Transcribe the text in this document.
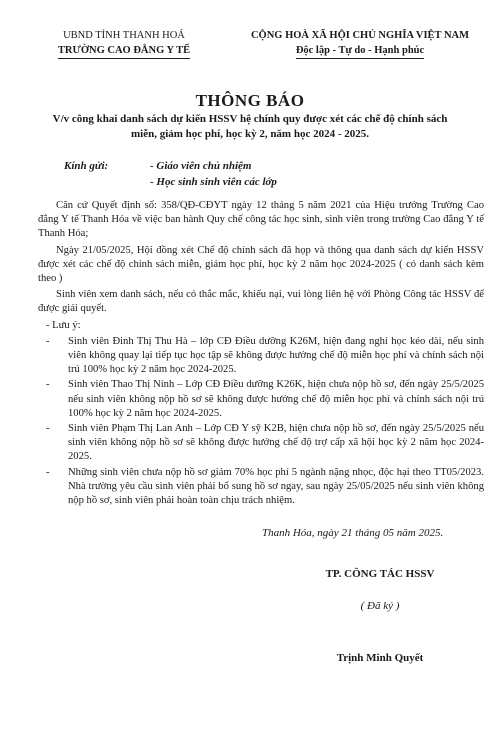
UBND TỈNH THANH HOÁ
TRƯỜNG CAO ĐẲNG Y TẾ
CỘNG HOÀ XÃ HỘI CHỦ NGHĨA VIỆT NAM
Độc lập - Tự do - Hạnh phúc
THÔNG BÁO
V/v công khai danh sách dự kiến HSSV hệ chính quy được xét các chế độ chính sách miễn, giảm học phí, học kỳ 2, năm học 2024 - 2025.
Kính gửi:	- Giáo viên chủ nhiệm
- Học sinh sinh viên các lớp

Căn cứ Quyết định số: 358/QĐ-CĐYT ngày 12 tháng 5 năm 2021 của Hiệu trưởng Trường Cao đẳng Y tế Thanh Hóa về việc ban hành Quy chế công tác học sinh, sinh viên trong trường Cao đẳng Y tế Thanh Hóa;

Ngày 21/05/2025, Hội đồng xét Chế độ chính sách đã họp và thông qua danh sách dự kiến HSSV được xét các chế độ chính sách miễn, giảm học phí, học kỳ 2 năm học 2024-2025 ( có danh sách kèm theo )

Sinh viên xem danh sách, nếu có thắc mắc, khiếu nại, vui lòng liên hệ với Phòng Công tác HSSV để được giải quyết.

- Lưu ý:

- Sinh viên Đinh Thị Thu Hà – lớp CĐ Điều dưỡng K26M, hiện đang nghỉ học kéo dài, nếu sinh viên không quay lại tiếp tục học tập sẽ không được hưởng chế độ miễn học phí và chính sách nội trú 100% học kỳ 2 năm học 2024-2025.
- Sinh viên Thao Thị Nính – Lớp CĐ Điều dưỡng K26K, hiện chưa nộp hồ sơ, đến ngày 25/5/2025 nếu sinh viên không nộp hồ sơ sẽ không được hưởng chế độ miễn học phí và chính sách nội trú 100% học kỳ 2 năm học 2024-2025.
- Sinh viên Phạm Thị Lan Anh – Lớp CĐ Y sỹ K2B, hiện chưa nộp hồ sơ, đến ngày 25/5/2025 nếu sinh viên không nộp hồ sơ sẽ không được hưởng chế độ trợ cấp xã hội học kỳ 2 năm học 2024-2025.
- Những sinh viên chưa nộp hồ sơ giảm 70% học phí 5 ngành nặng nhọc, độc hại theo TT05/2023. Nhà trường yêu cầu sinh viên phải bổ sung hồ sơ ngay, sau ngày 25/05/2025 nếu sinh viên không nộp hồ sơ, sinh viên phải hoàn toàn chịu trách nhiệm.
Thanh Hóa, ngày 21 tháng 05 năm 2025.
TP. CÔNG TÁC HSSV
( Đã ký )
Trịnh Minh Quyết
